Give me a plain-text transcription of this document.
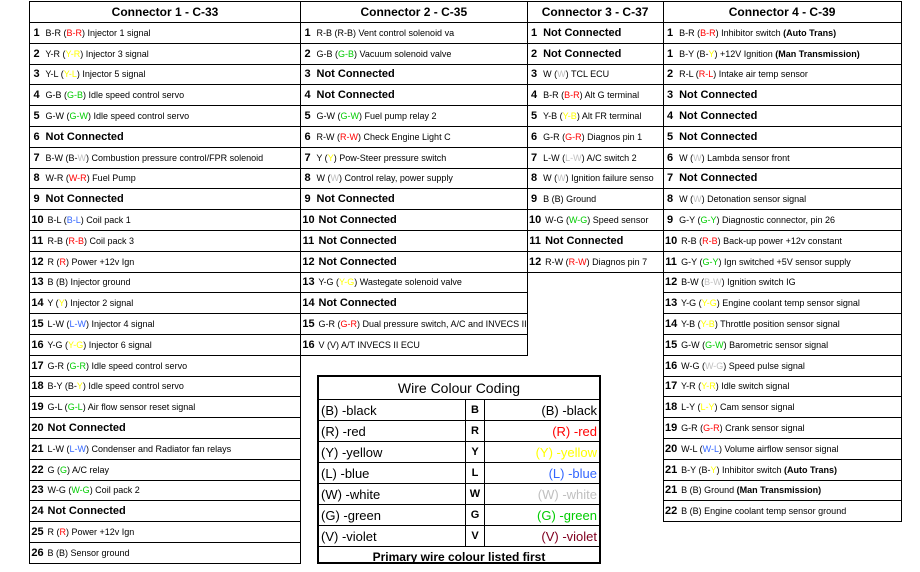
Connector 1 - C-33	Connector 2 - C-35	Connector 3 - C-37	Connector 4 - C-39
1 B-R (B-R) Injector 1 signal	1 R-B (R-B) Vent control solenoid va	1 Not Connected	1 B-R (B-R) Inhibitor switch (Auto Trans)
2 Y-R (Y-R) Injector 3 signal	2 G-B (G-B) Vacuum solenoid valve	2 Not Connected	1 B-Y (B-Y) +12V Ignition (Man Transmission)
3 Y-L (Y-L) Injector 5 signal	3 Not Connected	3 W (W) TCL ECU	2 R-L (R-L) Intake air temp sensor
4 G-B (G-B) Idle speed control servo	4 Not Connected	4 B-R (B-R) Alt G terminal	3 Not Connected
5 G-W (G-W) Idle speed control servo	5 G-W (G-W) Fuel pump relay 2	5 Y-B (Y-B) Alt FR terminal	4 Not Connected
6 Not Connected	6 R-W (R-W) Check Engine Light C	6 G-R (G-R) Diagnos pin 1	5 Not Connected
7 B-W (B-W) Combustion pressure control/FPR solenoid	7 Y (Y) Pow-Steer pressure switch	7 L-W (L-W) A/C switch 2	6 W (W) Lambda sensor front
8 W-R (W-R) Fuel Pump	8 W (W) Control relay, power supply	8 W (W) Ignition failure senso	7 Not Connected
9 Not Connected	9 Not Connected	9 B (B) Ground	8 W (W) Detonation sensor signal
10 B-L (B-L) Coil pack 1	10 Not Connected	10 W-G (W-G) Speed sensor	9 G-Y (G-Y) Diagnostic connector, pin 26
11 R-B (R-B) Coil pack 3	11 Not Connected	11 Not Connected	10 R-B (R-B) Back-up power +12v constant
12 R (R) Power +12v Ign	12 Not Connected	12 R-W (R-W) Diagnos pin 7	11 G-Y (G-Y) Ign switched +5V sensor supply
13 B (B) Injector ground	13 Y-G (Y-G) Wastegate solenoid valve		12 B-W (B-W) Ignition switch IG
14 Y (Y) Injector 2 signal	14 Not Connected		13 Y-G (Y-G) Engine coolant temp sensor signal
15 L-W (L-W) Injector 4 signal	15 G-R (G-R) Dual pressure switch, A/C and INVECS II		14 Y-B (Y-B) Throttle position sensor signal
16 Y-G (Y-G) Injector 6 signal	16 V (V) A/T INVECS II ECU		15 G-W (G-W) Barometric sensor signal
17 G-R (G-R) Idle speed control servo			16 W-G (W-G) Speed pulse signal
18 B-Y (B-Y) Idle speed control servo			17 Y-R (Y-R) Idle switch signal
19 G-L (G-L) Air flow sensor reset signal			18 L-Y (L-Y) Cam sensor signal
20 Not Connected			19 G-R (G-R) Crank sensor signal
21 L-W (L-W) Condenser and Radiator fan relays			20 W-L (W-L) Volume airflow sensor signal
22 G (G) A/C relay			21 B-Y (B-Y) Inhibitor switch (Auto Trans)
23 W-G (W-G) Coil pack 2			21 B (B) Ground (Man Transmission)
24 Not Connected			22 B (B) Engine coolant temp sensor ground
25 R (R) Power +12v Ign			
26 B (B) Sensor ground			
Wire Colour Coding
(B) -black	B	(B) -black
(R) -red	R	(R) -red
(Y) -yellow	Y	(Y) -yellow
(L) -blue	L	(L) -blue
(W) -white	W	(W) -white
(G) -green	G	(G) -green
(V) -violet	V	(V) -violet
Primary wire colour listed first
